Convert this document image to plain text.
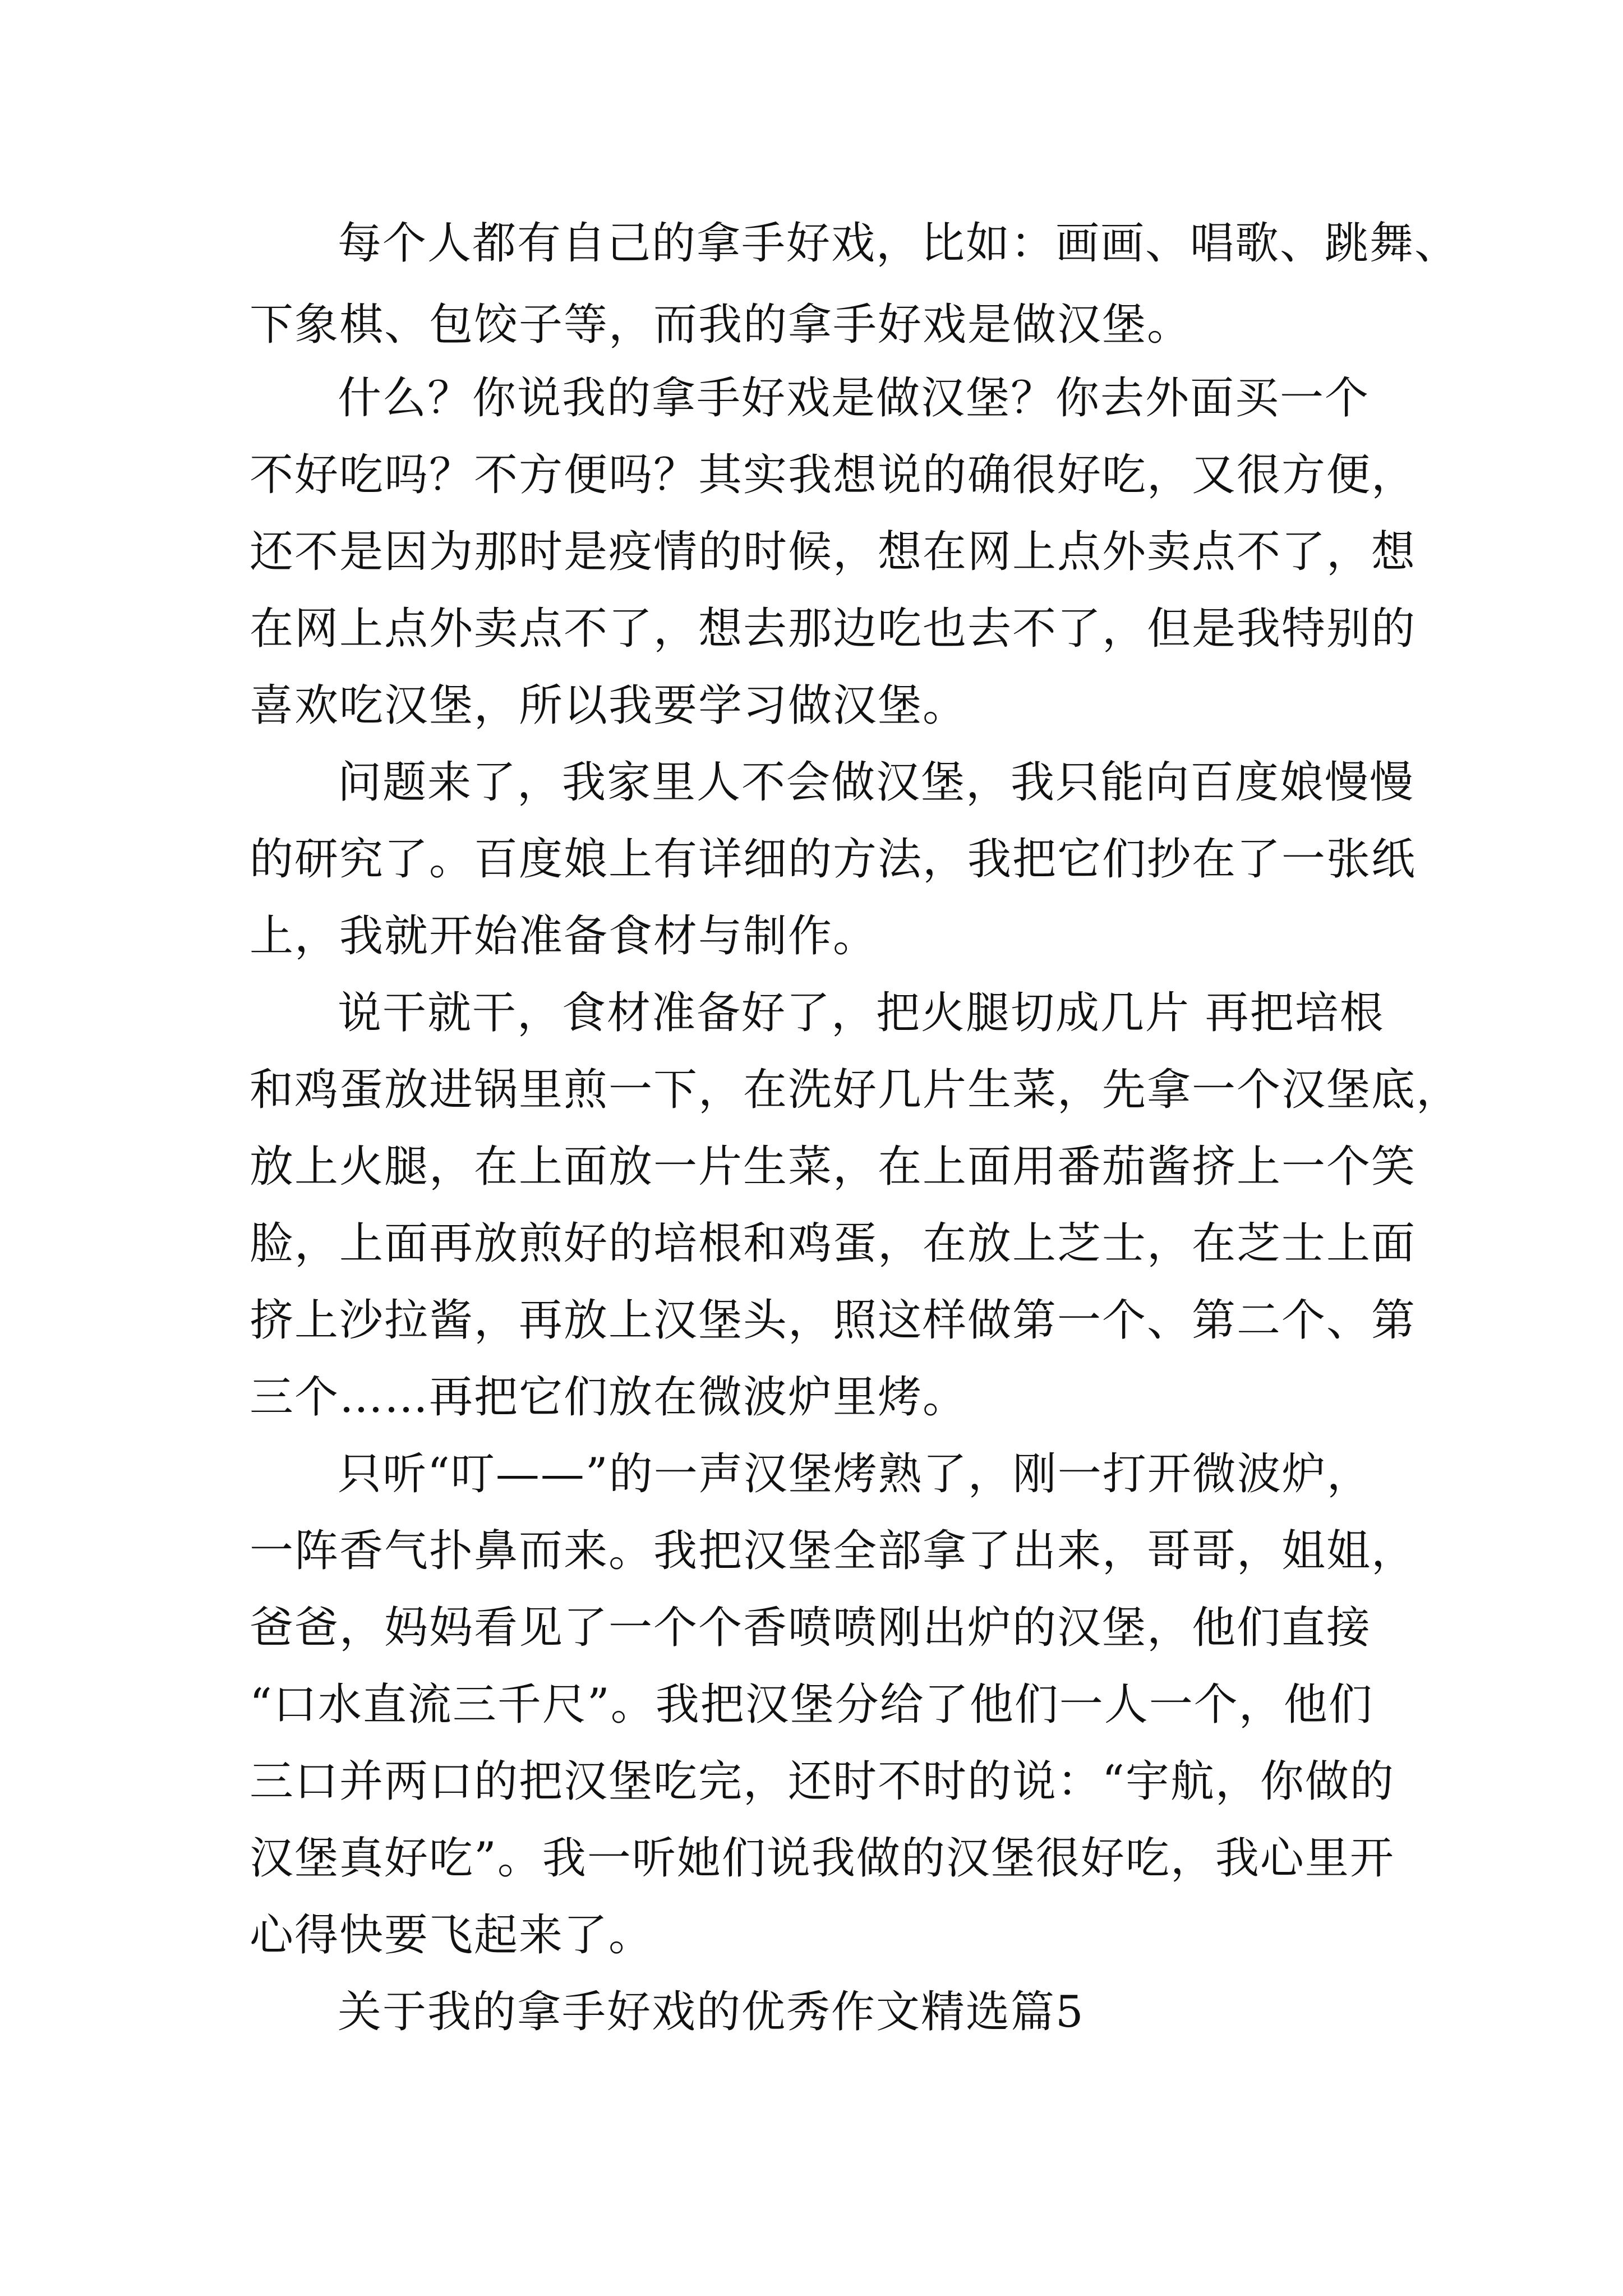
每个人都有自己的拿手好戏，比如：画画、唱歌、跳舞、

下象棋、包饺子等，而我的拿手好戏是做汉堡。

什么？你说我的拿手好戏是做汉堡？你去外面买一个

不好吃吗？不方便吗？其实我想说的确很好吃，又很方便，

还不是因为那时是疫情的时候，想在网上点外卖点不了，想

在网上点外卖点不了，想去那边吃也去不了，但是我特别的

喜欢吃汉堡，所以我要学习做汉堡。

问题来了，我家里人不会做汉堡，我只能向百度娘慢慢

的研究了。百度娘上有详细的方法，我把它们抄在了一张纸

上，我就开始准备食材与制作。

说干就干，食材准备好了，把火腿切成几片 再把培根

和鸡蛋放进锅里煎一下，在洗好几片生菜，先拿一个汉堡底，

放上火腿，在上面放一片生菜，在上面用番茄酱挤上一个笑

脸，上面再放煎好的培根和鸡蛋，在放上芝士，在芝士上面

挤上沙拉酱，再放上汉堡头，照这样做第一个、第二个、第

三个……再把它们放在微波炉里烤。

只听“叮——”的一声汉堡烤熟了，刚一打开微波炉，

一阵香气扑鼻而来。我把汉堡全部拿了出来，哥哥，姐姐，

爸爸，妈妈看见了一个个香喷喷刚出炉的汉堡，他们直接

“口水直流三千尺”。我把汉堡分给了他们一人一个，他们

三口并两口的把汉堡吃完，还时不时的说：“宇航，你做的

汉堡真好吃”。我一听她们说我做的汉堡很好吃，我心里开

心得快要飞起来了。

关于我的拿手好戏的优秀作文精选篇5
